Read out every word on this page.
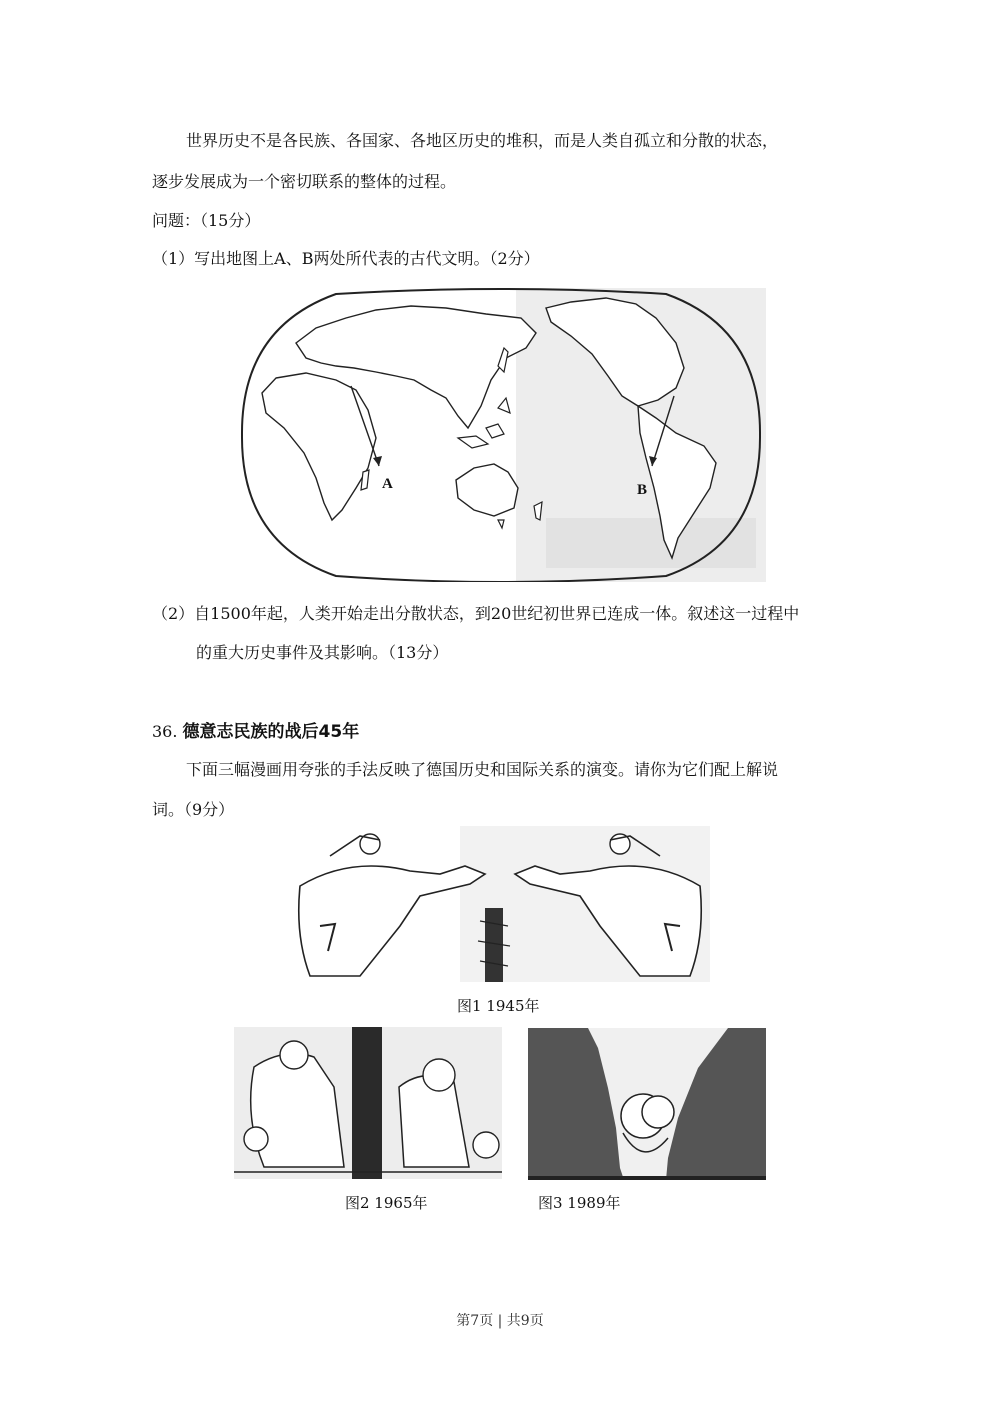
世界历史不是各民族、各国家、各地区历史的堆积，而是人类自孤立和分散的状态，
逐步发展成为一个密切联系的整体的过程。
问题：（15分）
（1）写出地图上A、B两处所代表的古代文明。（2分）
A	B
（2）自1500年起，人类开始走出分散状态，到20世纪初世界已连成一体。叙述这一过程中
的重大历史事件及其影响。（13分）
36. 德意志民族的战后45年
下面三幅漫画用夸张的手法反映了德国历史和国际关系的演变。请你为它们配上解说
词。（9分）
图1 1945年
图2 1965年	图3 1989年
第7页 | 共9页
